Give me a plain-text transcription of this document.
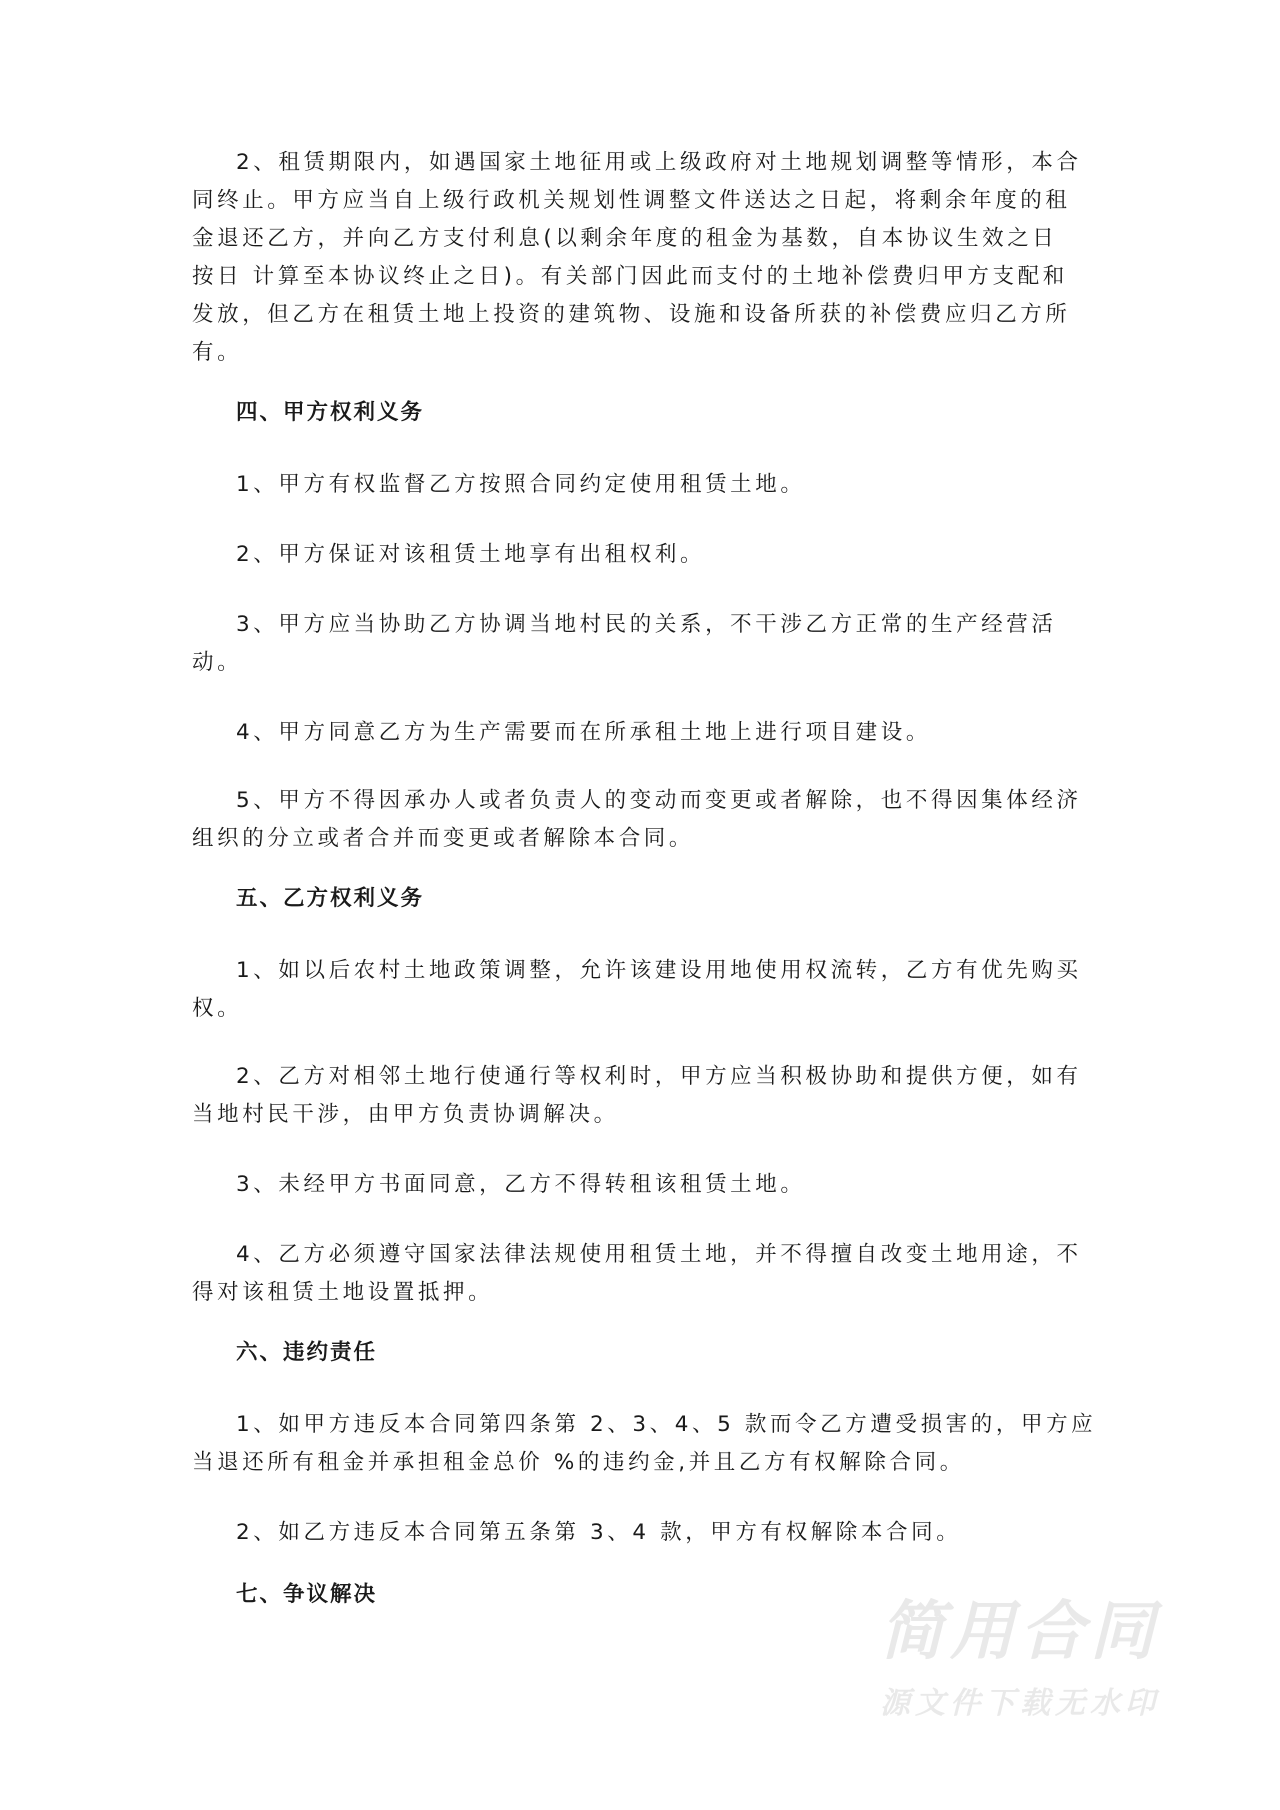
2、租赁期限内，如遇国家土地征用或上级政府对土地规划调整等情形，本合
同终止。甲方应当自上级行政机关规划性调整文件送达之日起，将剩余年度的租
金退还乙方，并向乙方支付利息(以剩余年度的租金为基数，自本协议生效之日
按日 计算至本协议终止之日)。有关部门因此而支付的土地补偿费归甲方支配和
发放，但乙方在租赁土地上投资的建筑物、设施和设备所获的补偿费应归乙方所
有。
四、甲方权利义务
1、甲方有权监督乙方按照合同约定使用租赁土地。
2、甲方保证对该租赁土地享有出租权利。
3、甲方应当协助乙方协调当地村民的关系，不干涉乙方正常的生产经营活
动。
4、甲方同意乙方为生产需要而在所承租土地上进行项目建设。
5、甲方不得因承办人或者负责人的变动而变更或者解除，也不得因集体经济
组织的分立或者合并而变更或者解除本合同。
五、乙方权利义务
1、如以后农村土地政策调整，允许该建设用地使用权流转，乙方有优先购买
权。
2、乙方对相邻土地行使通行等权利时，甲方应当积极协助和提供方便，如有
当地村民干涉，由甲方负责协调解决。
3、未经甲方书面同意，乙方不得转租该租赁土地。
4、乙方必须遵守国家法律法规使用租赁土地，并不得擅自改变土地用途，不
得对该租赁土地设置抵押。
六、违约责任
1、如甲方违反本合同第四条第 2、3、4、5 款而令乙方遭受损害的，甲方应
当退还所有租金并承担租金总价 %的违约金,并且乙方有权解除合同。
2、如乙方违反本合同第五条第 3、4 款，甲方有权解除本合同。
七、争议解决
简用合同
源文件下载无水印
